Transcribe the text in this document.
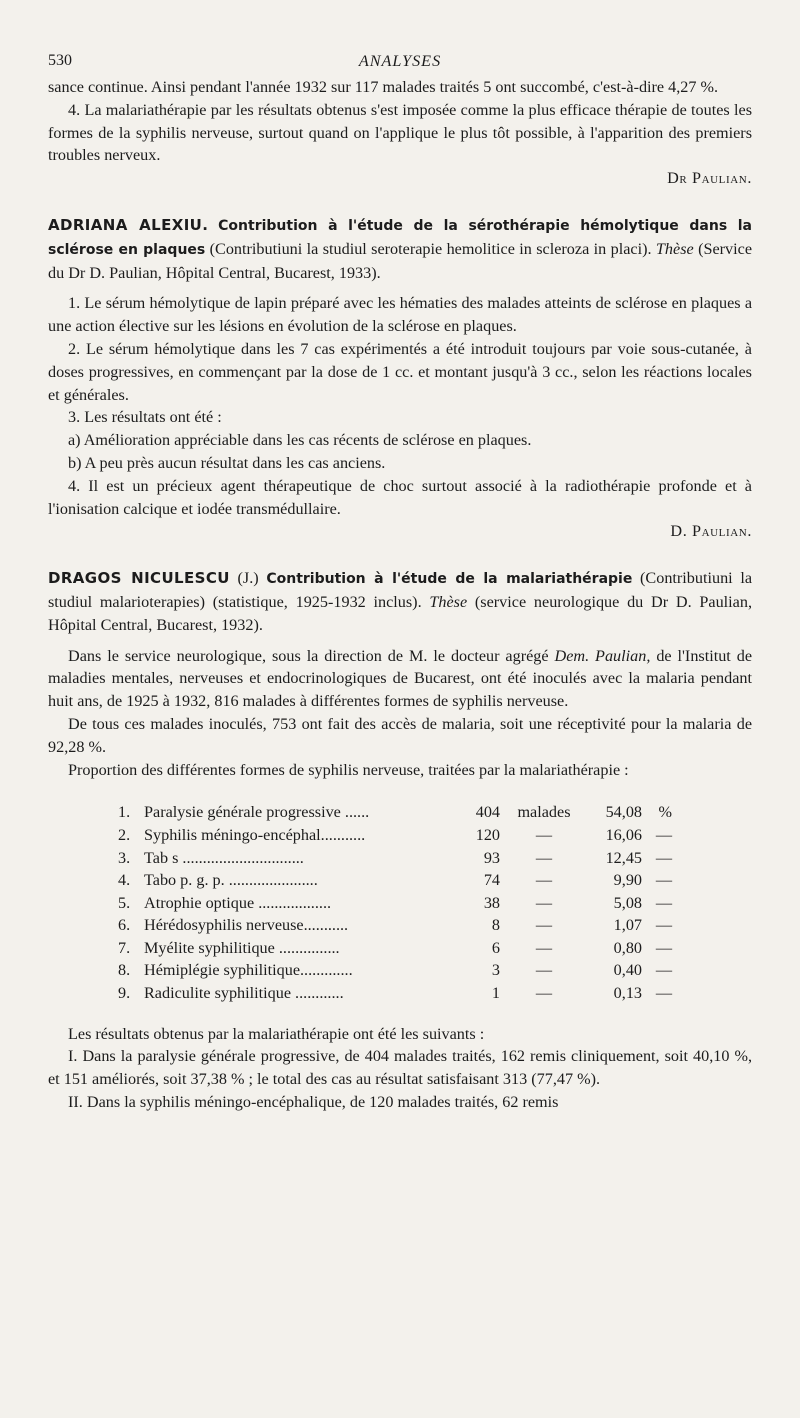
530	ANALYSES

sance continue. Ainsi pendant l'année 1932 sur 117 malades traités 5 ont succombé, c'est-à-dire 4,27 %.

4. La malariathérapie par les résultats obtenus s'est imposée comme la plus efficace thérapie de toutes les formes de la syphilis nerveuse, surtout quand on l'applique le plus tôt possible, à l'apparition des premiers troubles nerveux.

Dr Paulian.

ADRIANA ALEXIU. Contribution à l'étude de la sérothérapie hémolytique dans la sclérose en plaques (Contributiuni la studiul seroterapie hemolitice in scleroza in placi). Thèse (Service du Dr D. Paulian, Hôpital Central, Bucarest, 1933).

1. Le sérum hémolytique de lapin préparé avec les hématies des malades atteints de sclérose en plaques a une action élective sur les lésions en évolution de la sclérose en plaques.

2. Le sérum hémolytique dans les 7 cas expérimentés a été introduit toujours par voie sous-cutanée, à doses progressives, en commençant par la dose de 1 cc. et montant jusqu'à 3 cc., selon les réactions locales et générales.

3. Les résultats ont été :

a) Amélioration appréciable dans les cas récents de sclérose en plaques.

b) A peu près aucun résultat dans les cas anciens.

4. Il est un précieux agent thérapeutique de choc surtout associé à la radiothérapie profonde et à l'ionisation calcique et iodée transmédullaire.

D. Paulian.

DRAGOS NICULESCU (J.) Contribution à l'étude de la malariathérapie (Contributiuni la studiul malarioterapies) (statistique, 1925-1932 inclus). Thèse (service neurologique du Dr D. Paulian, Hôpital Central, Bucarest, 1932).

Dans le service neurologique, sous la direction de M. le docteur agrégé Dem. Paulian, de l'Institut de maladies mentales, nerveuses et endocrinologiques de Bucarest, ont été inoculés avec la malaria pendant huit ans, de 1925 à 1932, 816 malades à différentes formes de syphilis nerveuse.

De tous ces malades inoculés, 753 ont fait des accès de malaria, soit une réceptivité pour la malaria de 92,28 %.

Proportion des différentes formes de syphilis nerveuse, traitées par la malariathérapie :

1. Paralysie générale progressive ......	404	malades	54,08	%
2. Syphilis méningo-encéphal...........	120	—	16,06 —
3. Tab s ..............................	93	—	12,45 —
4. Tabo p. g. p. ......................	74	—	9,90 —
5. Atrophie optique ..................	38	—	5,08 —
6. Hérédosyphilis nerveuse...........	8	—	1,07 —
7. Myélite syphilitique ...............	6	—	0,80 —
8. Hémiplégie syphilitique.............	3	—	0,40 —
9. Radiculite syphilitique ............	1	—	0,13 —

Les résultats obtenus par la malariathérapie ont été les suivants :

I. Dans la paralysie générale progressive, de 404 malades traités, 162 remis cliniquement, soit 40,10 %, et 151 améliorés, soit 37,38 % ; le total des cas au résultat satisfaisant 313 (77,47 %).

II. Dans la syphilis méningo-encéphalique, de 120 malades traités, 62 remis
